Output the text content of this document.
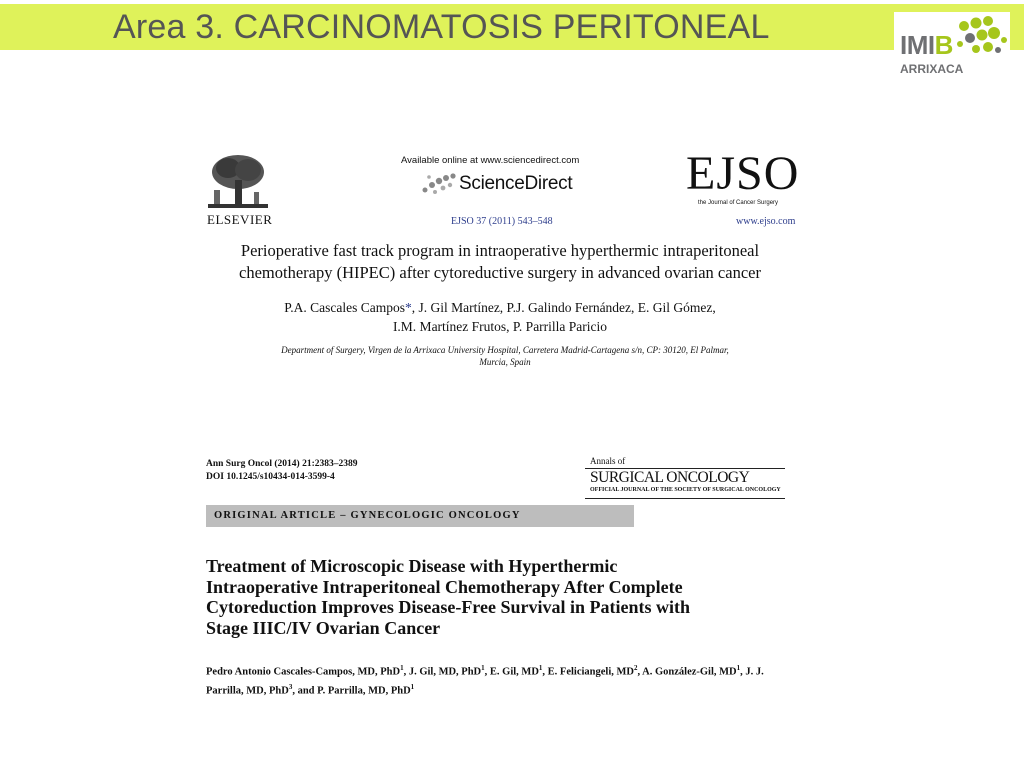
Area 3. CARCINOMATOSIS PERITONEAL	IMIB
ARRIXACA
ELSEVIER
Available online at www.sciencedirect.com
ScienceDirect
EJSO 37 (2011) 543–548
EJSO
the Journal of Cancer Surgery
www.ejso.com
Perioperative fast track program in intraoperative hyperthermic intraperitoneal
chemotherapy (HIPEC) after cytoreductive surgery in advanced ovarian cancer
P.A. Cascales Campos*, J. Gil Martínez, P.J. Galindo Fernández, E. Gil Gómez,
I.M. Martínez Frutos, P. Parrilla Paricio
Department of Surgery, Virgen de la Arrixaca University Hospital, Carretera Madrid-Cartagena s/n, CP: 30120, El Palmar,
Murcia, Spain
Ann Surg Oncol (2014) 21:2383–2389
DOI 10.1245/s10434-014-3599-4
Annals of
SURGICAL ONCOLOGY
OFFICIAL JOURNAL OF THE SOCIETY OF SURGICAL ONCOLOGY
ORIGINAL ARTICLE – GYNECOLOGIC ONCOLOGY
Treatment of Microscopic Disease with Hyperthermic
Intraoperative Intraperitoneal Chemotherapy After Complete
Cytoreduction Improves Disease-Free Survival in Patients with
Stage IIIC/IV Ovarian Cancer
Pedro Antonio Cascales-Campos, MD, PhD$^1$, J. Gil, MD, PhD$^1$, E. Gil, $MD^1$, E. Feliciangeli, $MD^2$, A. González-Gil, $MD^1$, J. J. Parrilla, MD, PhD$^3$, and P. Parrilla, MD, PhD$^1$
